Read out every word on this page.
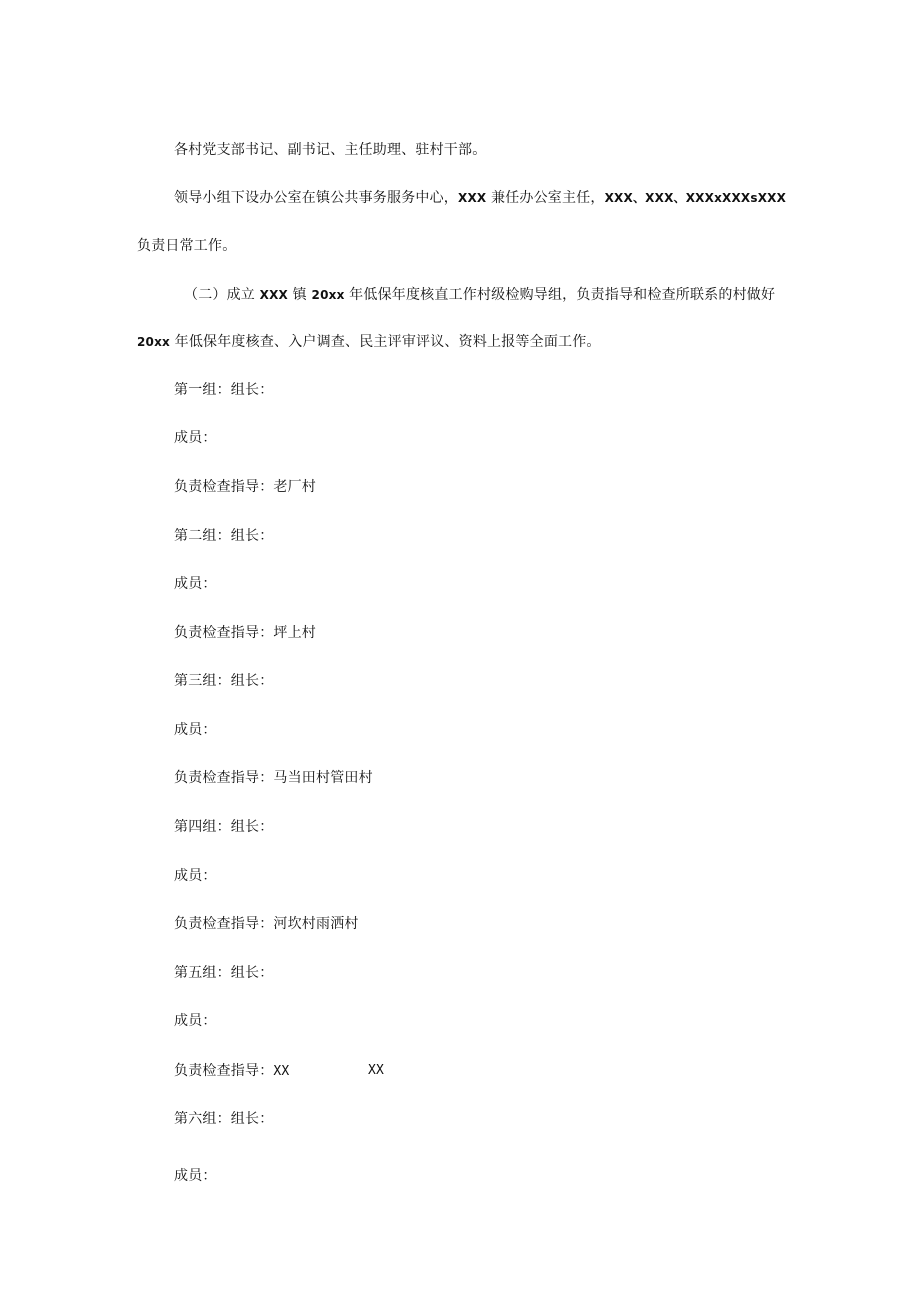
各村党支部书记、副书记、主任助理、驻村干部。
领导小组下设办公室在镇公共事务服务中心，XXX 兼任办公室主任，XXX、XXX、XXXxXXXsXXX
负责日常工作。
（二）成立 XXX 镇 20xx 年低保年度核直工作村级检购导组，负责指导和检查所联系的村做好
20xx 年低保年度核查、入户调查、民主评审评议、资料上报等全面工作。
第一组：组长：
成员：
负责检查指导：老厂村
第二组：组长：
成员：
负责检查指导：坪上村
第三组：组长：
成员：
负责检查指导：马当田村管田村
第四组：组长：
成员：
负责检查指导：河坎村雨洒村
第五组：组长：
成员：
负责检查指导：XX	XX
第六组：组长：
成员：
